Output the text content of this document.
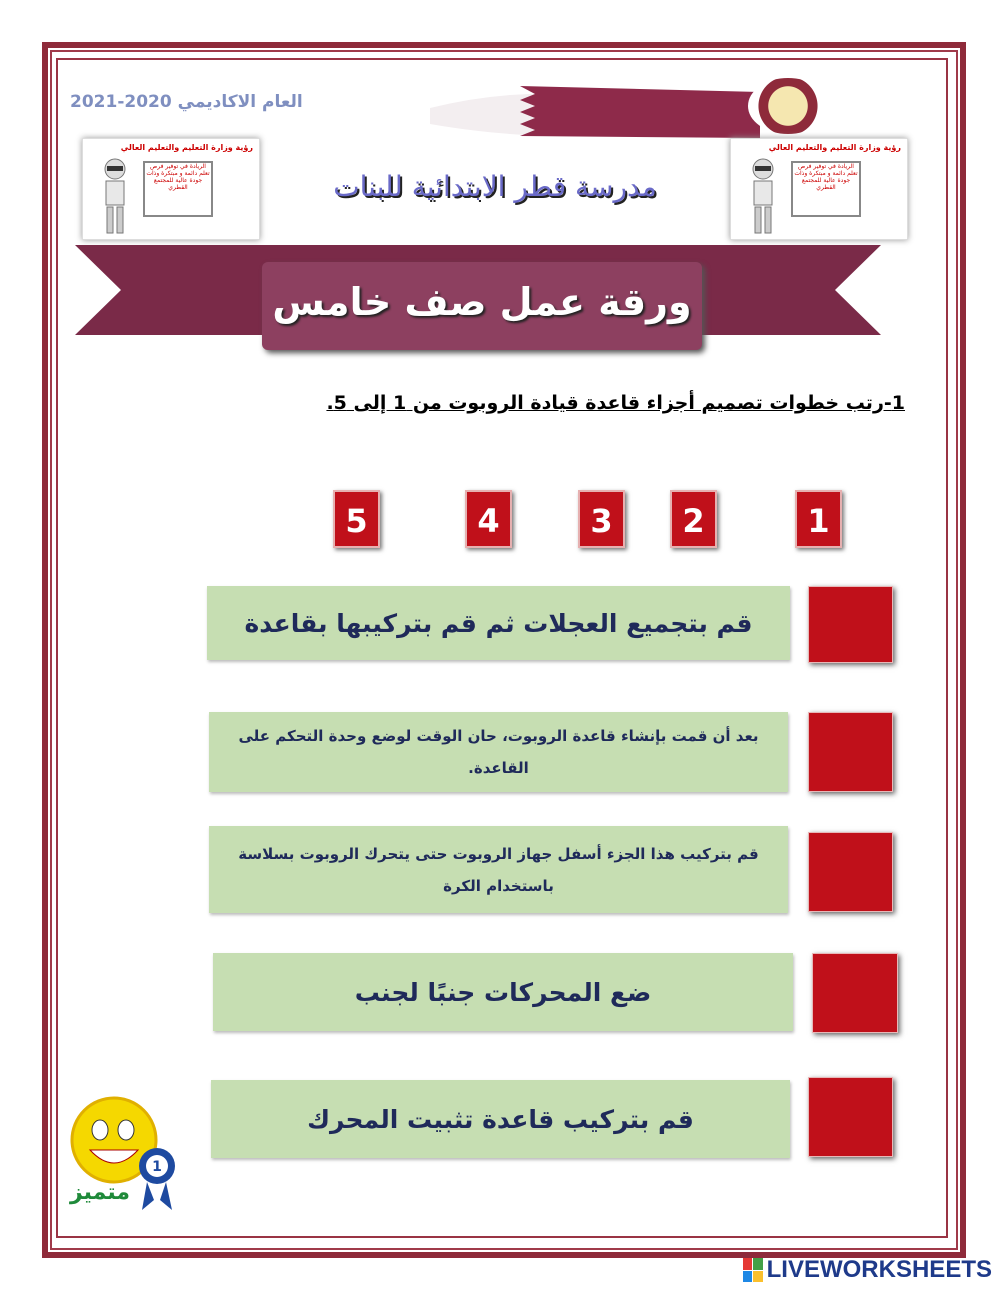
العام الاكاديمي 2020-2021
رؤية وزارة التعليم والتعليم العالي
الريادة في توفير فرص تعلم دائمة و مبتكرة وذات جودة عالية للمجتمع القطري
رؤية وزارة التعليم والتعليم العالي
الريادة في توفير فرص تعلم دائمة و مبتكرة وذات جودة عالية للمجتمع القطري
مدرسة قطر الابتدائية للبنات
ورقة عمل صف خامس
1-رتب خطوات تصميم أجزاء قاعدة قيادة الروبوت من 1 إلى 5.
5	4	3	2	1
قم بتجميع العجلات ثم قم بتركيبها بقاعدة
بعد أن قمت بإنشاء قاعدة الروبوت، حان الوقت لوضع وحدة التحكم على القاعدة.
قم بتركيب هذا الجزء أسفل جهاز الروبوت حتى يتحرك الروبوت بسلاسة باستخدام الكرة
ضع المحركات جنبًا لجنب
قم بتركيب قاعدة تثبيت المحرك
1
متميز
LIVEWORKSHEETS
